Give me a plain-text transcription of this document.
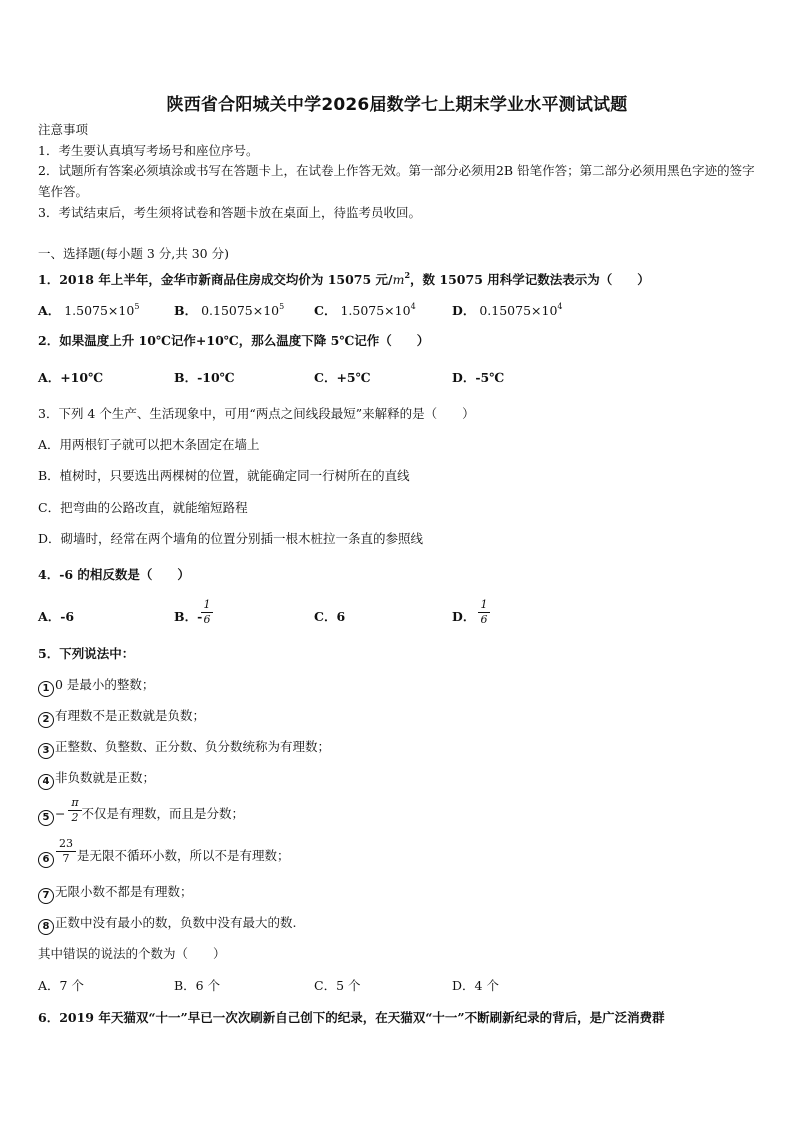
陕西省合阳城关中学2026届数学七上期末学业水平测试试题
注意事项
1．考生要认真填写考场号和座位序号。
2．试题所有答案必须填涂或书写在答题卡上，在试卷上作答无效。第一部分必须用2B 铅笔作答；第二部分必须用黑色字迹的签字笔作答。
3．考试结束后，考生须将试卷和答题卡放在桌面上，待监考员收回。
一、选择题(每小题 3 分,共 30 分)
1．2018 年上半年，金华市新商品住房成交均价为 15075 元$/m^2$，数 15075 用科学记数法表示为（　　）
A． $1.5075\times 10^5$	B． $0.15075\times 10^5$ C． $1.5075\times 10^4$	D． $0.15075\times 10^4$
2．如果温度上升 10℃记作+10℃，那么温度下降 5℃记作（　　）
A．+10℃	B．-10℃	C．+5℃	D．-5℃
3．下列 4 个生产、生活现象中，可用“两点之间线段最短”来解释的是（　　）
A．用两根钉子就可以把木条固定在墙上
B．植树时，只要选出两棵树的位置，就能确定同一行树所在的直线
C．把弯曲的公路改直，就能缩短路程
D．砌墙时，经常在两个墙角的位置分别插一根木桩拉一条直的参照线
4．-6 的相反数是（　　）
A．-6	B．-
1
6	C．6	D．
1
6
5．下列说法中：
1 0 是最小的整数；
2 有理数不是正数就是负数；
3 正整数、负整数、正分数、负分数统称为有理数；
4 非负数就是正数；
5 − 不仅是有理数，而且是分数；
π
2
6 是无限不循环小数，所以不是有理数；
23
7
7 无限小数不都是有理数；
8 正数中没有最小的数，负数中没有最大的数.
其中错误的说法的个数为（　　）
A．7 个	B．6 个	C．5 个	D．4 个
6．2019 年天猫双“十一”早已一次次刷新自己创下的纪录，在天猫双“十一”不断刷新纪录的背后，是广泛消费群
